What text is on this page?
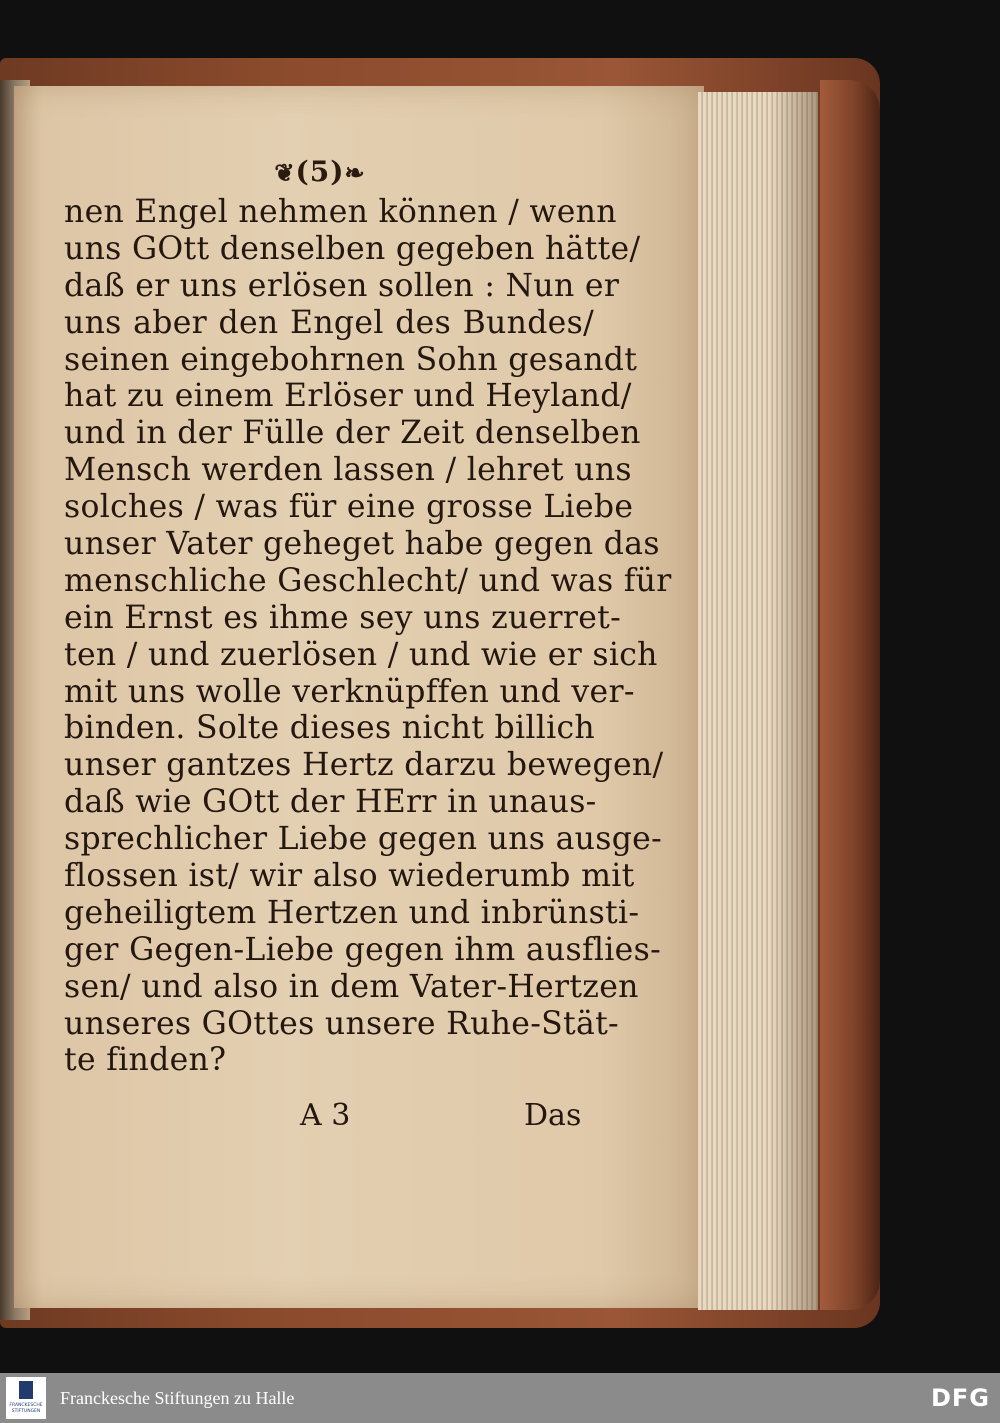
❦(5)❧
nen Engel nehmen können / wenn
uns GOtt denselben gegeben hätte/
daß er uns erlösen sollen : Nun er
uns aber den Engel des Bundes/
seinen eingebohrnen Sohn gesandt
hat zu einem Erlöser und Heyland/
und in der Fülle der Zeit denselben
Mensch werden lassen / lehret uns
solches / was für eine grosse Liebe
unser Vater geheget habe gegen das
menschliche Geschlecht/ und was für
ein Ernst es ihme sey uns zuerret-
ten / und zuerlösen / und wie er sich
mit uns wolle verknüpffen und ver-
binden. Solte dieses nicht billich
unser gantzes Hertz darzu bewegen/
daß wie GOtt der HErr in unaus-
sprechlicher Liebe gegen uns ausge-
flossen ist/ wir also wiederumb mit
geheiligtem Hertzen und inbrünsti-
ger Gegen-Liebe gegen ihm ausflies-
sen/ und also in dem Vater-Hertzen
unseres GOttes unsere Ruhe-Stät-
te finden?
A 3	Das
FRANCKESCHE STIFTUNGEN
Franckesche Stiftungen zu Halle	DFG
